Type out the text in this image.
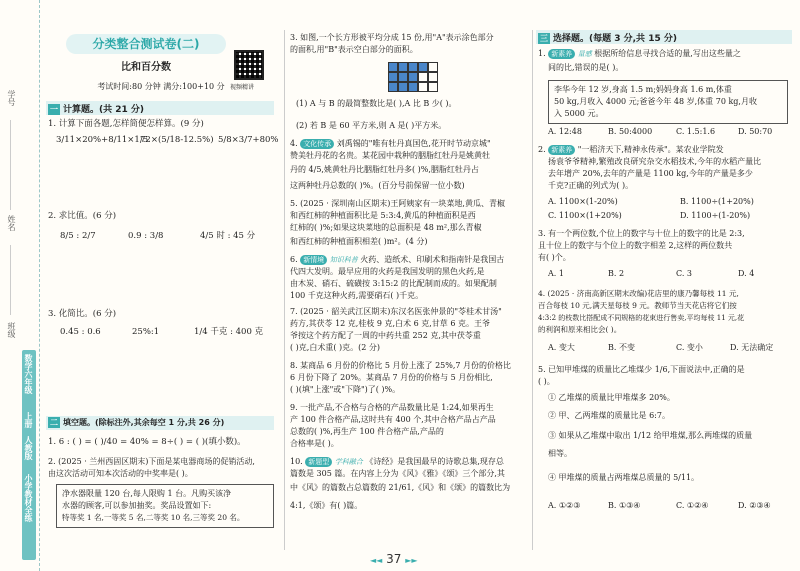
学号
姓名
班级
数学六年级
上册
人教版
小学教材全练
分类整合测试卷(二)
比和百分数
考试时间:80 分钟 满分:100+10 分 视频精讲
一 计算题。(共 21 分)
1. 计算下面各题,怎样简便怎样算。(9 分)
3/11×20%+8/11×1/5
72×(5/18-12.5%) 5/8×3/7+80%
2. 求比值。(6 分)
8/5 : 2/7	0.9 : 3/8	4/5 时 : 45 分
3. 化简比。(6 分)
0.45 : 0.6	25%:1	1/4 千克 : 400 克
二 填空题。(除标注外,其余每空 1 分,共 26 分)
1. 6 : ( ) = ( )/40 = 40% = 8÷( ) = ( )(填小数)。
2. (2025 · 兰州西固区期末)下面是某电器商场的促销活动,
由这次活动可知本次活动的中奖率是( )。
净水器限量 120 台,每人限购 1 台。凡购买该净
水器的顾客,可以参加抽奖。奖品设置如下:
特等奖 1 名,一等奖 5 名,二等奖 10 名,三等奖 20 名。
3. 如图,一个长方形被平均分成 15 份,用"A"表示涂色部分
的面积,用"B"表示空白部分的面积。
(1) A 与 B 的最简整数比是( ),A 比 B 少( )。
(2) 若 B 是 60 平方米,则 A 是( )平方米。
4. 文化传承 刘禹锡的"唯有牡丹真国色,花开时节动京城"
赞美牡丹花的名贵。某花园中栽种的胭脂红牡丹是姚黄牡
丹的 4/5,姚黄牡丹比胭脂红牡丹多( )%,胭脂红牡丹占
这两种牡丹总数的( )%。(百分号前保留一位小数)
5. (2025 · 深圳南山区期末)王阿姨家有一块菜地,黄瓜、青椒
和西红柿的种植面积比是 5:3:4,黄瓜的种植面积是西
红柿的( )%;如果这块菜地的总面积是 48 m²,那么青椒
和西红柿的种植面积相差( )m²。(4 分)
6. 新情境 知识科普 火药、造纸术、印刷术和指南针是我国古
代四大发明。最早应用的火药是我国发明的黑色火药,是
由木炭、硝石、硫磺按 3:15:2 的比配制而成的。如果配制
100 千克这种火药,需要硝石( )千克。
7. (2025 · 韶关武江区期末)东汉名医张仲景的"苓桂术甘汤"
药方,其茯苓 12 克,桂枝 9 克,白术 6 克,甘草 6 克。王爷
爷按这个药方配了一周的中药共重 252 克,其中茯苓重
( )克,白术重( )克。(2 分)
8. 某商品 6 月份的价格比 5 月份上涨了 25%,7 月份的价格比
6 月份下降了 20%。某商品 7 月份的价格与 5 月份相比,
( )(填"上涨"或"下降")了( )%。
9. 一批产品,不合格与合格的产品数量比是 1:24,如果再生
产 100 件合格产品,这时共有 400 个,其中合格产品占产品
总数的( )%,再生产 100 件合格产品,产品的
合格率是( )。
10. 新题型 学科融合 《诗经》是我国最早的诗歌总集,现存总
篇数是 305 篇。在内容上分为《风》《雅》《颂》三个部分,其
中《风》的篇数占总篇数的 21/61,《风》和《颂》的篇数比为
4:1,《颂》有( )篇。
三 选择题。(每题 3 分,共 15 分)
1. 新素养 量感 根据所给信息寻找合适的量,写出这些量之
间的比,错误的是( )。
李华今年 12 岁,身高 1.5 m;妈妈身高 1.6 m,体重
50 kg,月收入 4000 元;爸爸今年 48 岁,体重 70 kg,月收
入 5000 元。
A. 12:48	B. 50:4000	C. 1.5:1.6	D. 50:70
2. 新素养 "一稻济天下,精神永传承"。某农业学院发
扬袁爷爷精神,繁殖改良研究杂交水稻技术,今年的水稻产量比
去年增产 20%,去年的产量是 1100 kg,今年的产量是多少
千克?正确的列式为( )。
A. 1100×(1-20%)	B. 1100÷(1+20%)
C. 1100×(1+20%)	D. 1100÷(1-20%)
3. 有一个两位数,个位上的数字与十位上的数字的比是 2:3,
且十位上的数字与个位上的数字相差 2,这样的两位数共
有( )个。
A. 1	B. 2	C. 3	D. 4
4. (2025 · 济南高新区期末改编)花店里的康乃馨每枝 11 元,
百合每枝 10 元,满天星每枝 9 元。教师节当天花店将它们按
4:3:2 的枝数比搭配成不同规格的花束进行售卖,平均每枝 11 元,花
的利润和原来相比会( )。
A. 变大	B. 不变	C. 变小	D. 无法确定
5. 已知甲堆煤的质量比乙堆煤少 1/6,下面说法中,正确的是
( )。
① 乙堆煤的质量比甲堆煤多 20%。
② 甲、乙两堆煤的质量比是 6:7。
③ 如果从乙堆煤中取出 1/12 给甲堆煤,那么两堆煤的质量
相等。
④ 甲堆煤的质量占两堆煤总质量的 5/11。
A. ①②③	B. ①③④	C. ①②④	D. ②③④
◄◄ 37 ►►
